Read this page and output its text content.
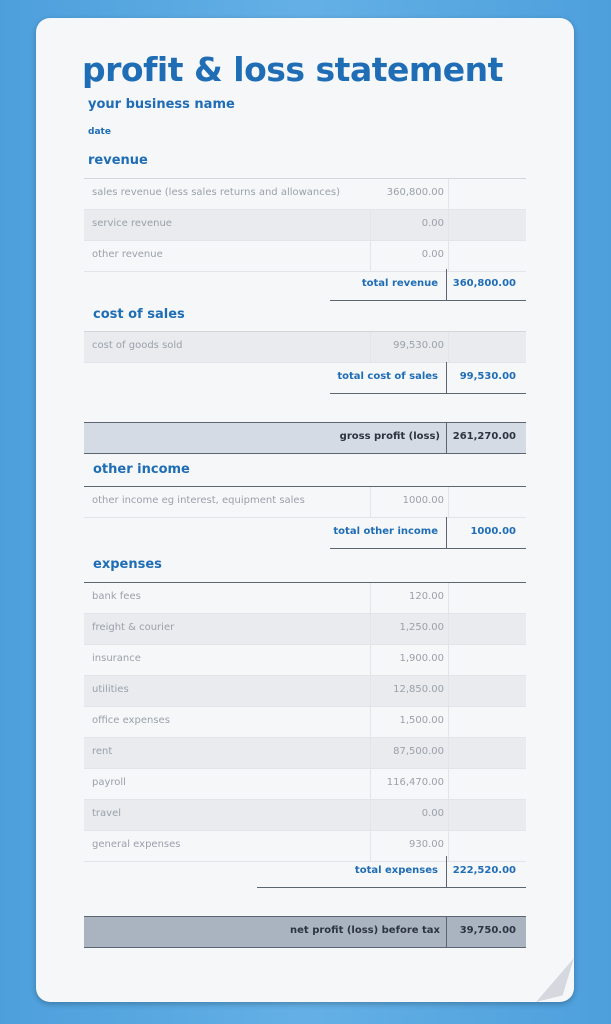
profit & loss statement
your business name
date
revenue
sales revenue (less sales returns and allowances)	360,800.00
service revenue	0.00
other revenue	0.00
total revenue 360,800.00
cost of sales
cost of goods sold	99,530.00
total cost of sales 99,530.00
gross profit (loss) 261,270.00
other income
other income eg interest, equipment sales	1000.00
total other income	1000.00
expenses
bank fees	120.00
freight & courier	1,250.00
insurance	1,900.00
utilities	12,850.00
office expenses	1,500.00
rent	87,500.00
payroll	116,470.00
travel	0.00
general expenses	930.00
total expenses 222,520.00
net profit (loss) before tax 39,750.00
